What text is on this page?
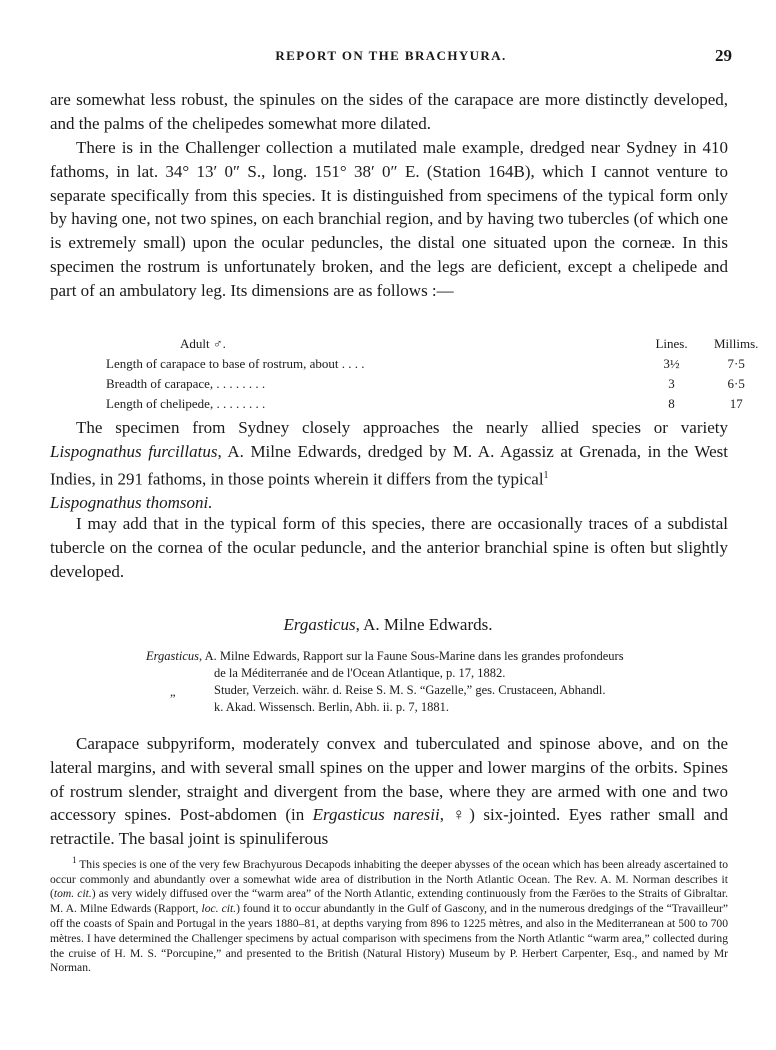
REPORT ON THE BRACHYURA.	29

are somewhat less robust, the spinules on the sides of the carapace are more distinctly developed, and the palms of the chelipedes somewhat more dilated.

There is in the Challenger collection a mutilated male example, dredged near Sydney in 410 fathoms, in lat. 34° 13′ 0″ S., long. 151° 38′ 0″ E. (Station 164B), which I cannot venture to separate specifically from this species. It is distinguished from specimens of the typical form only by having one, not two spines, on each branchial region, and by having two tubercles (of which one is extremely small) upon the ocular peduncles, the distal one situated upon the corneæ. In this specimen the rostrum is unfortunately broken, and the legs are deficient, except a chelipede and part of an ambulatory leg. Its dimensions are as follows :—

Adult ♂.	Lines.	Millims.
Length of carapace to base of rostrum, about . . . .	3½	7·5
Breadth of carapace, . . . . . . . .	3	6·5
Length of chelipede, . . . . . . . .	8	17

The specimen from Sydney closely approaches the nearly allied species or variety Lispognathus furcillatus, A. Milne Edwards, dredged by M. A. Agassiz at Grenada, in the West Indies, in 291 fathoms, in those points wherein it differs from the typical$^1$
Lispognathus thomsoni.

I may add that in the typical form of this species, there are occasionally traces of a subdistal tubercle on the cornea of the ocular peduncle, and the anterior branchial spine is often but slightly developed.

Ergasticus, A. Milne Edwards.
Ergasticus, A. Milne Edwards, Rapport sur la Faune Sous-Marine dans les grandes profondeurs
de la Méditerranée and de l'Ocean Atlantique, p. 17, 1882.
„	Studer, Verzeich. währ. d. Reise S. M. S. “Gazelle,” ges. Crustaceen, Abhandl.
k. Akad. Wissensch. Berlin, Abh. ii. p. 7, 1881.

Carapace subpyriform, moderately convex and tuberculated and spinose above, and on the lateral margins, and with several small spines on the upper and lower margins of the orbits. Spines of rostrum slender, straight and divergent from the base, where they are armed with one and two accessory spines. Post-abdomen (in Ergasticus naresii, ♀) six-jointed. Eyes rather small and retractile. The basal joint is spinuliferous

$^1$ This species is one of the very few Brachyurous Decapods inhabiting the deeper abysses of the ocean which has been already ascertained to occur commonly and abundantly over a somewhat wide area of distribution in the North Atlantic Ocean. The Rev. A. M. Norman describes it (tom. cit.) as very widely diffused over the “warm area” of the North Atlantic, extending continuously from the Færöes to the Straits of Gibraltar. M. A. Milne Edwards (Rapport, loc. cit.) found it to occur abundantly in the Gulf of Gascony, and in the numerous dredgings of the “Travailleur” off the coasts of Spain and Portugal in the years 1880–81, at depths varying from 896 to 1225 mètres, and also in the Mediterranean at 500 to 700 mètres. I have determined the Challenger specimens by actual comparison with specimens from the North Atlantic “warm area,” collected during the cruise of H. M. S. “Porcupine,” and presented to the British (Natural History) Museum by P. Herbert Carpenter, Esq., and named by Mr Norman.
